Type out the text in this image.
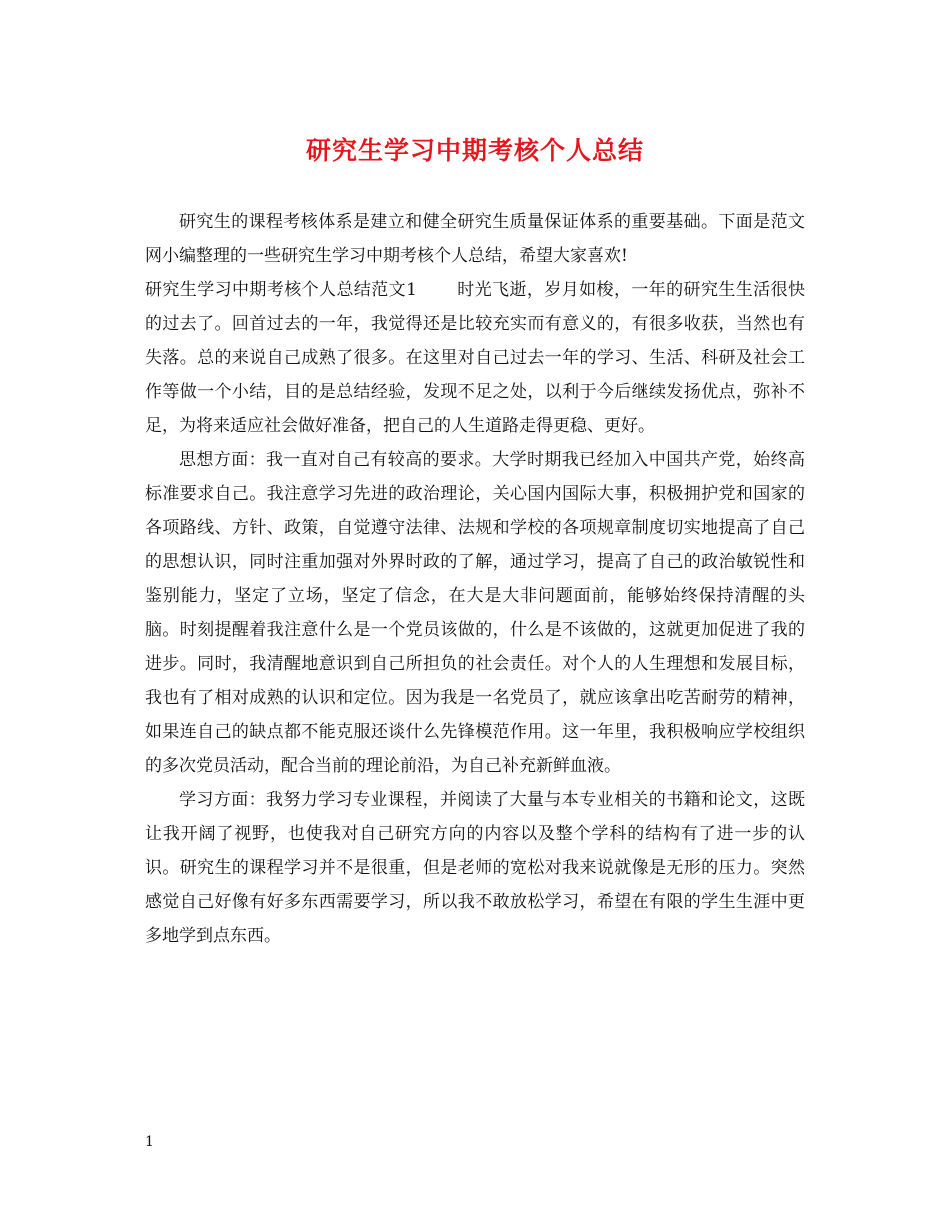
研究生学习中期考核个人总结

研究生的课程考核体系是建立和健全研究生质量保证体系的重要基础。下面是范文网小编整理的一些研究生学习中期考核个人总结，希望大家喜欢!

研究生学习中期考核个人总结范文1 时光飞逝，岁月如梭，一年的研究生生活很快的过去了。回首过去的一年，我觉得还是比较充实而有意义的，有很多收获，当然也有失落。总的来说自己成熟了很多。在这里对自己过去一年的学习、生活、科研及社会工作等做一个小结，目的是总结经验，发现不足之处，以利于今后继续发扬优点，弥补不足，为将来适应社会做好准备，把自己的人生道路走得更稳、更好。

思想方面：我一直对自己有较高的要求。大学时期我已经加入中国共产党，始终高标准要求自己。我注意学习先进的政治理论，关心国内国际大事，积极拥护党和国家的各项路线、方针、政策，自觉遵守法律、法规和学校的各项规章制度切实地提高了自己的思想认识，同时注重加强对外界时政的了解，通过学习，提高了自己的政治敏锐性和鉴别能力，坚定了立场，坚定了信念，在大是大非问题面前，能够始终保持清醒的头脑。时刻提醒着我注意什么是一个党员该做的，什么是不该做的，这就更加促进了我的进步。同时，我清醒地意识到自己所担负的社会责任。对个人的人生理想和发展目标，我也有了相对成熟的认识和定位。因为我是一名党员了，就应该拿出吃苦耐劳的精神，如果连自己的缺点都不能克服还谈什么先锋模范作用。这一年里，我积极响应学校组织的多次党员活动，配合当前的理论前沿，为自己补充新鲜血液。

学习方面：我努力学习专业课程，并阅读了大量与本专业相关的书籍和论文，这既让我开阔了视野，也使我对自己研究方向的内容以及整个学科的结构有了进一步的认识。研究生的课程学习并不是很重，但是老师的宽松对我来说就像是无形的压力。突然感觉自己好像有好多东西需要学习，所以我不敢放松学习，希望在有限的学生生涯中更多地学到点东西。

1
